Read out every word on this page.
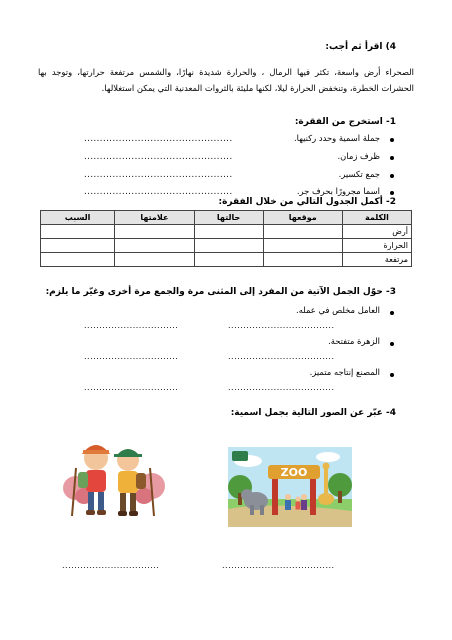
4) اقرأ ثم أجب:
الصحراء أرض واسعة، تكثر فيها الرمال ، والحرارة شديدة نهارًا، والشمس مرتفعة حرارتها، وتوجد بها الحشرات الخطرة، وتنخفض الحرارة ليلا، لكنها مليئة بالثروات المعدنية التي يمكن استغلالها.
1- استخرج من الفقرة:
جملة اسمية وحدد ركنيها.
...............................................
ظرف زمان.
...............................................
جمع تكسير.
...............................................
اسما مجرورًا بحرف جر.
...............................................
2- أكمل الجدول التالي من خلال الفقرة:
الكلمة	موقعها	حالتها	علامتها	السبب
أرض				
الحرارة				
مرتفعة				
3- حوّل الجمل الآتية من المفرد إلى المثنى مرة والجمع مرة أخرى وغيّر ما يلزم:
العامل مخلص في عمله.
...................................
...............................
الزهرة متفتحة.
...................................
...............................
المصنع إنتاجه متميز.
...................................
...............................
4- عبّر عن الصور التالية بجمل اسمية:
ZOO
.....................................
................................
